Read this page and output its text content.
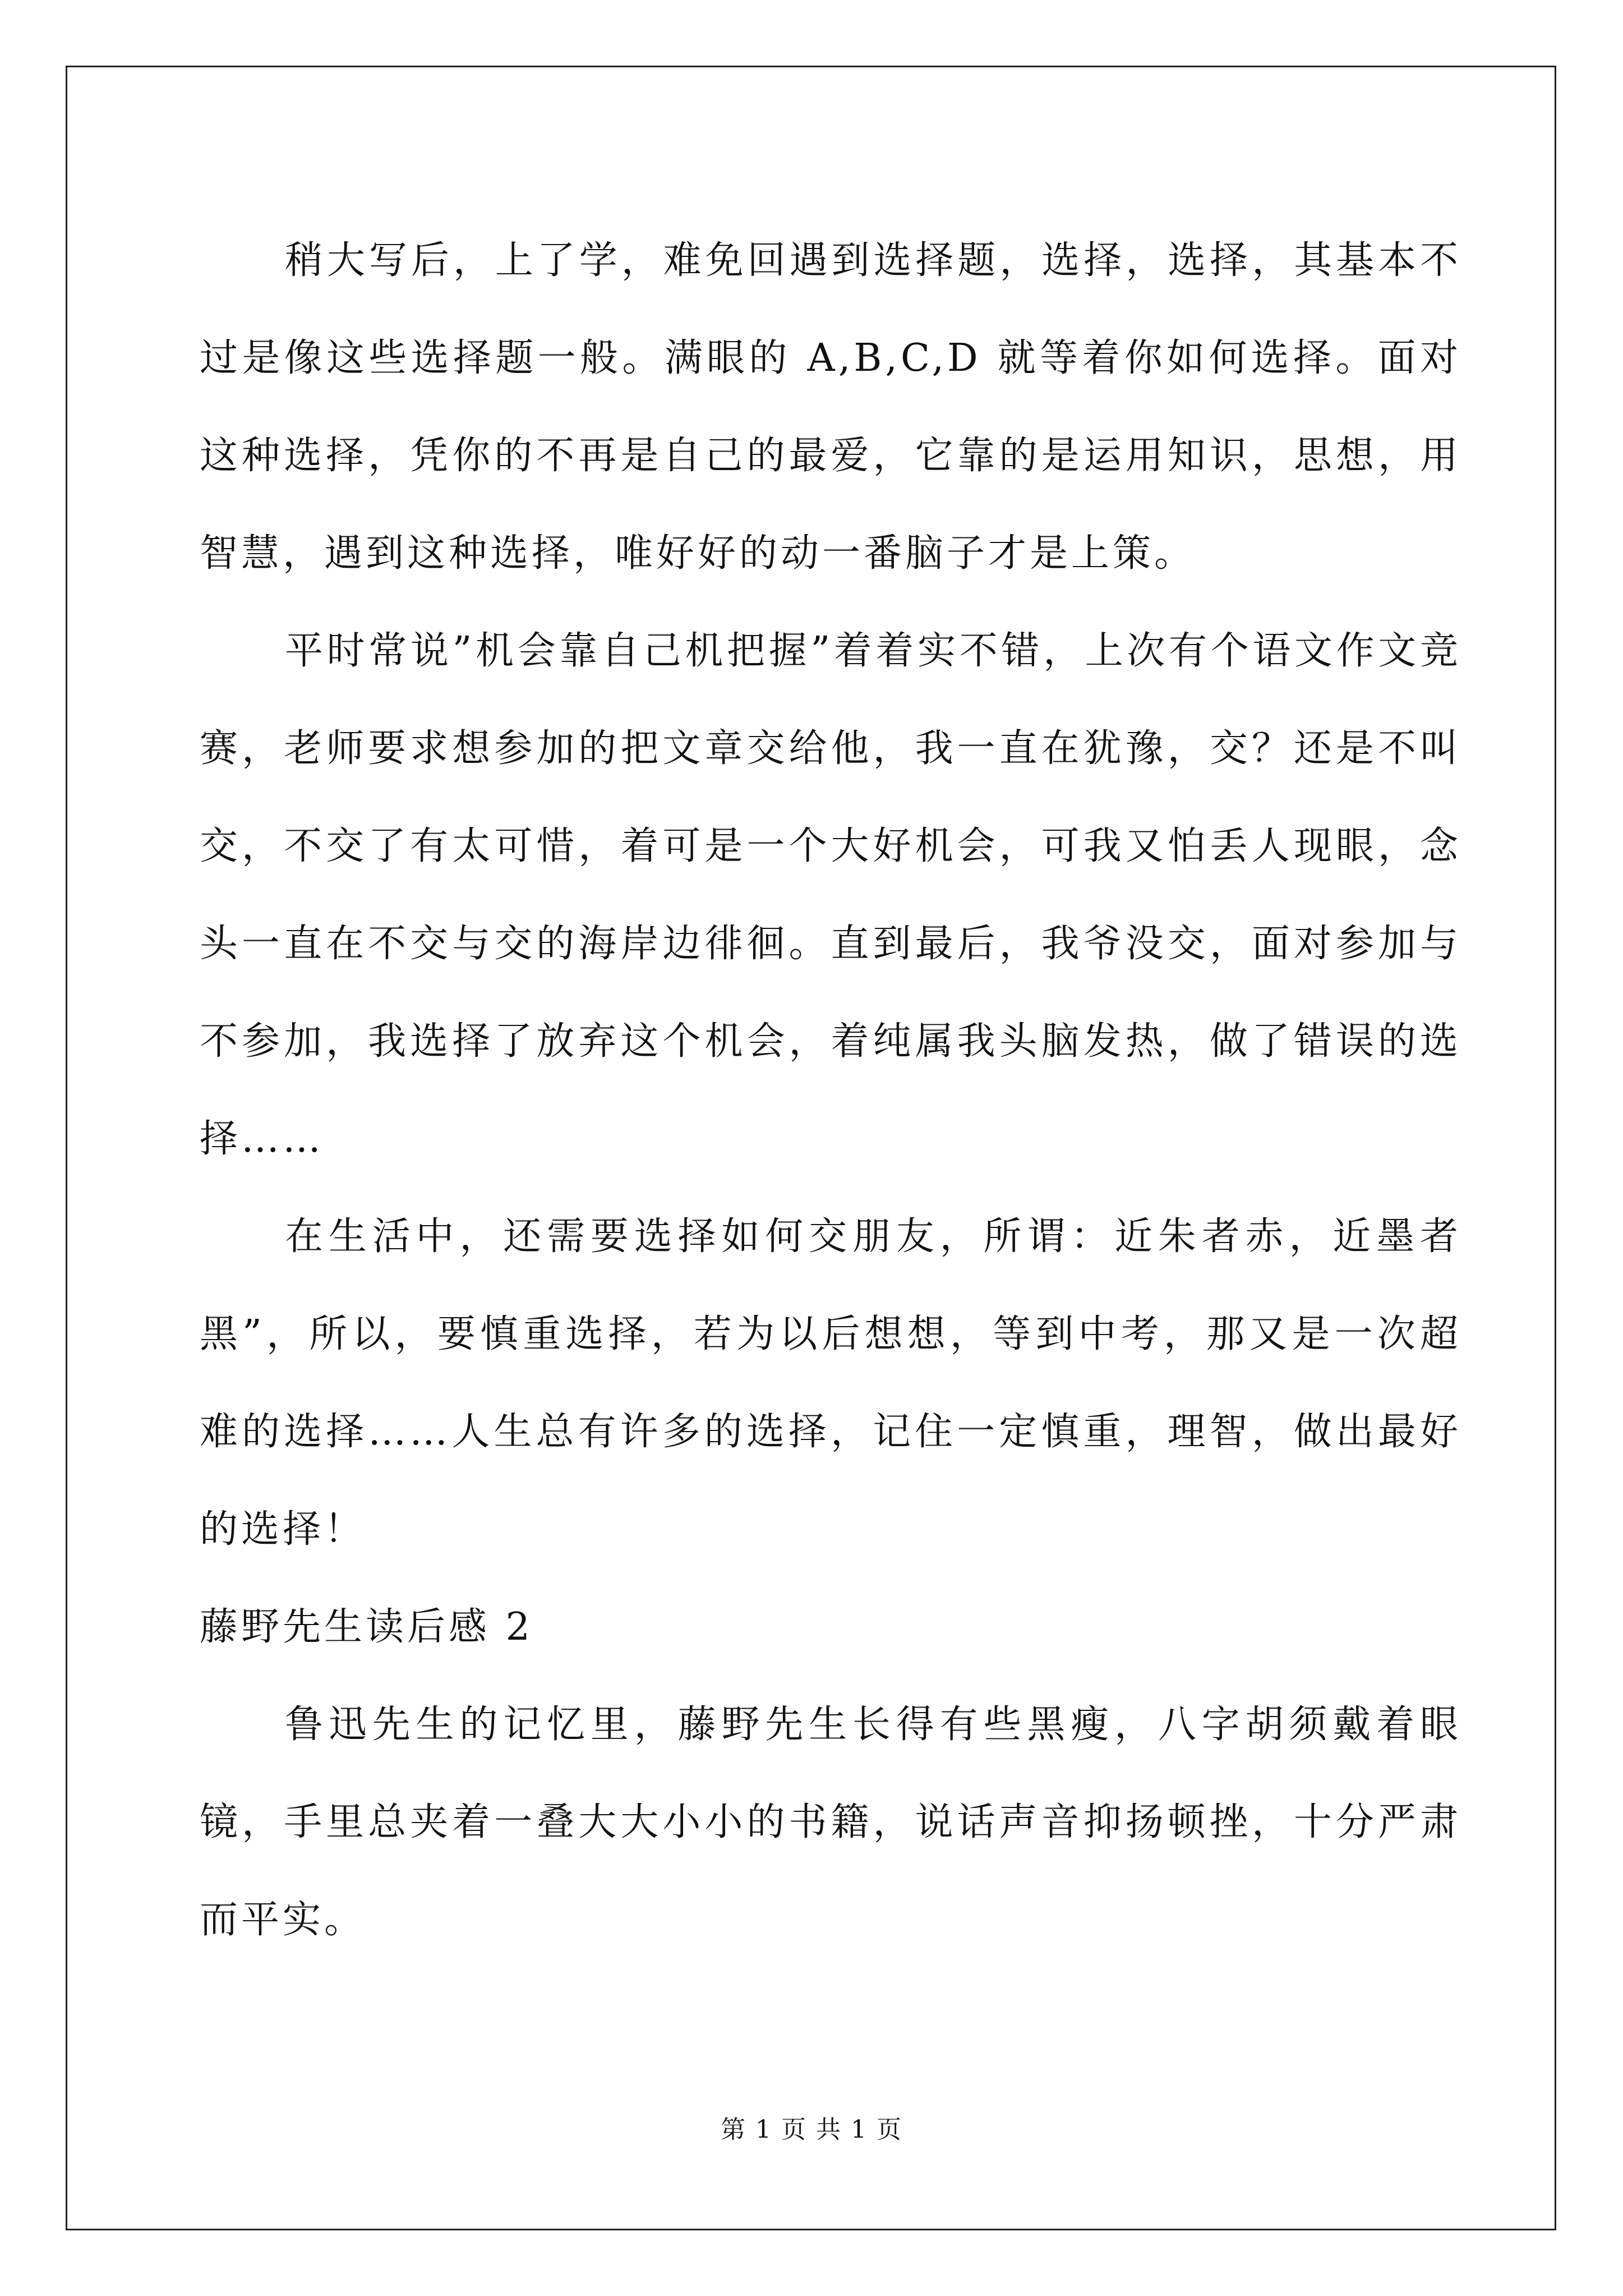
稍大写后，上了学，难免回遇到选择题，选择，选择，其基本不过是像这些选择题一般。满眼的 A,B,C,D 就等着你如何选择。面对这种选择，凭你的不再是自己的最爱，它靠的是运用知识，思想，用智慧，遇到这种选择，唯好好的动一番脑子才是上策。

平时常说”机会靠自己机把握”着着实不错，上次有个语文作文竞赛，老师要求想参加的把文章交给他，我一直在犹豫，交？还是不叫交，不交了有太可惜，着可是一个大好机会，可我又怕丢人现眼，念头一直在不交与交的海岸边徘徊。直到最后，我爷没交，面对参加与不参加，我选择了放弃这个机会，着纯属我头脑发热，做了错误的选择……

在生活中，还需要选择如何交朋友，所谓：近朱者赤，近墨者黑”，所以，要慎重选择，若为以后想想，等到中考，那又是一次超难的选择……人生总有许多的选择，记住一定慎重，理智，做出最好的选择！

藤野先生读后感 2

鲁迅先生的记忆里，藤野先生长得有些黑瘦，八字胡须戴着眼镜，手里总夹着一叠大大小小的书籍，说话声音抑扬顿挫，十分严肃而平实。

第 1 页 共 1 页
